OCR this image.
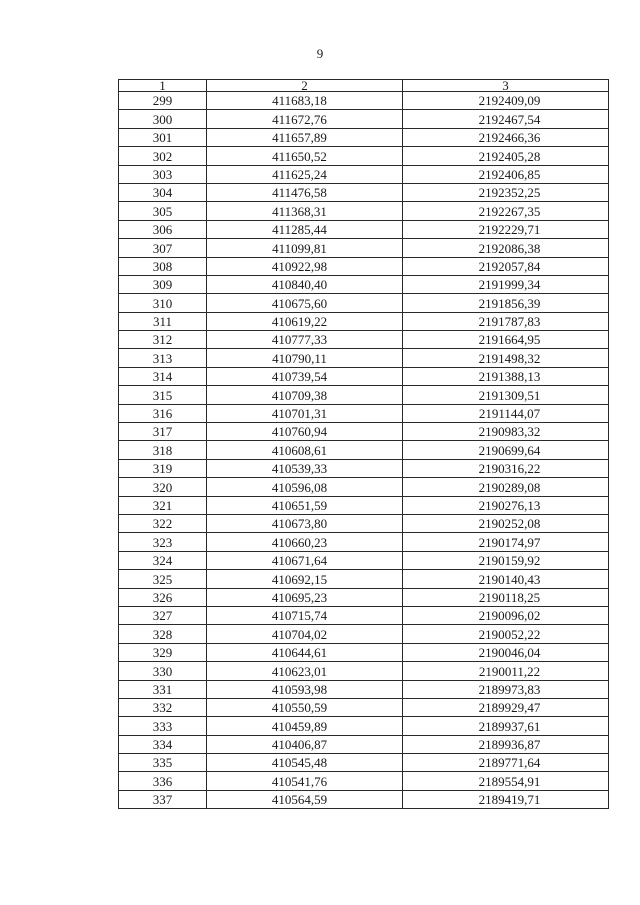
9
1	2	3
299	411683,18	2192409,09
300	411672,76	2192467,54
301	411657,89	2192466,36
302	411650,52	2192405,28
303	411625,24	2192406,85
304	411476,58	2192352,25
305	411368,31	2192267,35
306	411285,44	2192229,71
307	411099,81	2192086,38
308	410922,98	2192057,84
309	410840,40	2191999,34
310	410675,60	2191856,39
311	410619,22	2191787,83
312	410777,33	2191664,95
313	410790,11	2191498,32
314	410739,54	2191388,13
315	410709,38	2191309,51
316	410701,31	2191144,07
317	410760,94	2190983,32
318	410608,61	2190699,64
319	410539,33	2190316,22
320	410596,08	2190289,08
321	410651,59	2190276,13
322	410673,80	2190252,08
323	410660,23	2190174,97
324	410671,64	2190159,92
325	410692,15	2190140,43
326	410695,23	2190118,25
327	410715,74	2190096,02
328	410704,02	2190052,22
329	410644,61	2190046,04
330	410623,01	2190011,22
331	410593,98	2189973,83
332	410550,59	2189929,47
333	410459,89	2189937,61
334	410406,87	2189936,87
335	410545,48	2189771,64
336	410541,76	2189554,91
337	410564,59	2189419,71
